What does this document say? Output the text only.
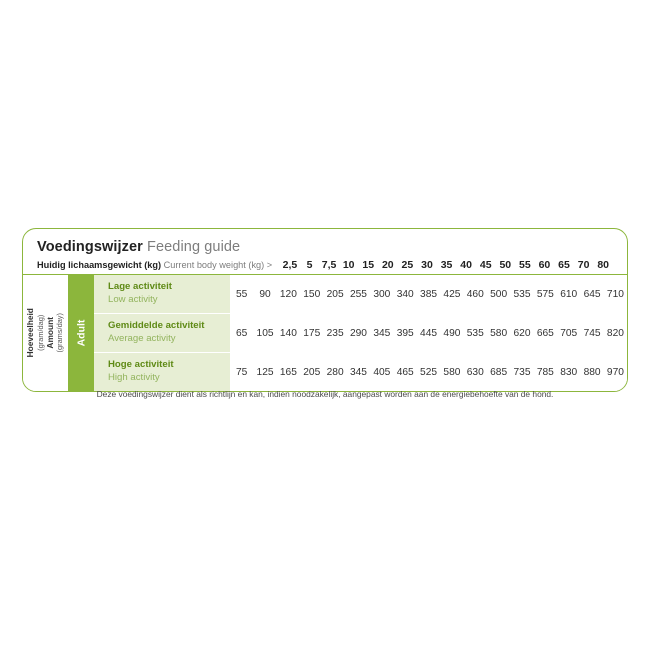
Voedingswijzer Feeding guide
Huidig lichaamsgewicht (kg) Current body weight (kg) > 2,5 5 7,5 10 15 20 25 30 35 40 45 50 55 60 65 70 80
Hoeveelheid (gram/dag) Amount (grams/day) Adult
Lage activiteit
Low activity	55	90 120 150 205 255 300 340 385 425 460 500 535 575 610 645 710
Gemiddelde activiteit
Average activity	65 105 140 175 235 290 345 395 445 490 535 580 620 665 705 745 820
Hoge activiteit
High activity	75 125 165 205 280 345 405 465 525 580 630 685 735 785 830 880 970
Deze voedingswijzer dient als richtlijn en kan, indien noodzakelijk, aangepast worden aan de energiebehoefte van de hond.
